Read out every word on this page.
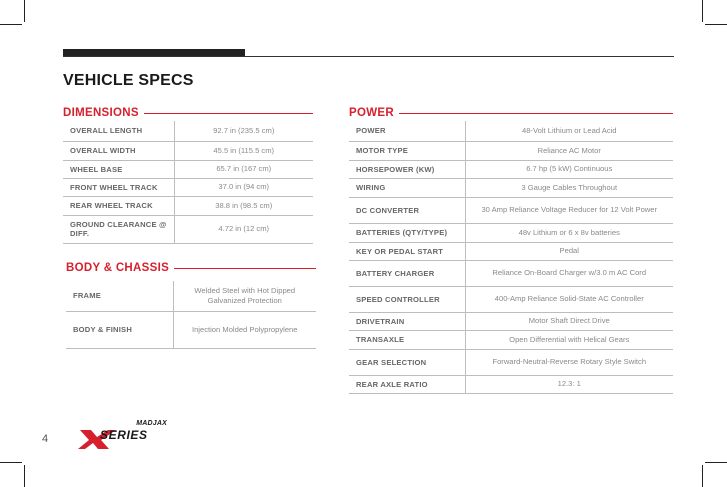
VEHICLE SPECS
DIMENSIONS
OVERALL LENGTH	92.7 in (235.5 cm)
OVERALL WIDTH	45.5 in (115.5 cm)
WHEEL BASE	65.7 in (167 cm)
FRONT WHEEL TRACK	37.0 in (94 cm)
REAR WHEEL TRACK	38.8 in (98.5 cm)
GROUND CLEARANCE @ DIFF.	4.72 in (12 cm)
BODY & CHASSIS
FRAME	Welded Steel with Hot Dipped Galvanized Protection
BODY & FINISH	Injection Molded Polypropylene
POWER
POWER	48-Volt Lithium or Lead Acid
MOTOR TYPE	Reliance AC Motor
HORSEPOWER (KW)	6.7 hp (5 kW) Continuous
WIRING	3 Gauge Cables Throughout
DC CONVERTER	30 Amp Reliance Voltage Reducer for 12 Volt Power
BATTERIES (QTY/TYPE)	48v Lithium or 6 x 8v batteries
KEY OR PEDAL START	Pedal
BATTERY CHARGER	Reliance On-Board Charger w/3.0 m AC Cord
SPEED CONTROLLER	400-Amp Reliance Solid-State AC Controller
DRIVETRAIN	Motor Shaft Direct Drive
TRANSAXLE	Open Differential with Helical Gears
GEAR SELECTION	Forward-Neutral-Reverse Rotary Style Switch
REAR AXLE RATIO	12.3: 1
4
MADJAX
SERIES
